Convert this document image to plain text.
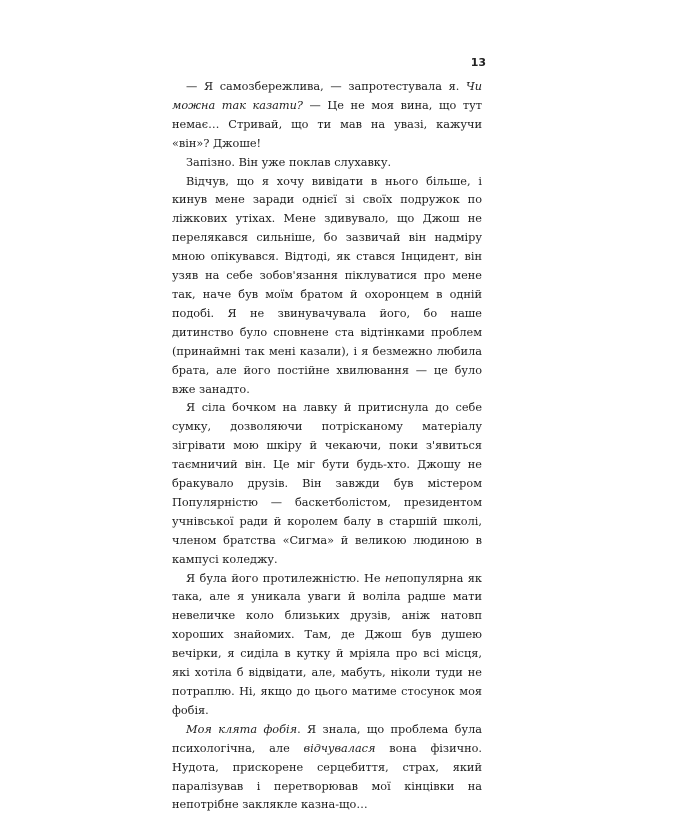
13

— Я самозбережлива, — запротестувала я. Чи можна так казати? — Це не моя вина, що тут немає… Стривай, що ти мав на увазі, кажучи «він»? Джоше!

Запізно. Він уже поклав слухавку.

Відчув, що я хочу вивідати в нього більше, і кинув мене заради однієї зі своїх подружок по ліжкових утіхах. Мене здивувало, що Джош не перелякався сильніше, бо зазвичай він надміру мною опікувався. Відтоді, як стався Інцидент, він узяв на себе зобов'язання піклуватися про мене так, наче був моїм братом й охоронцем в одній подобі. Я не звинувачувала його, бо наше дитинство було сповнене ста відтінками проблем (принаймні так мені казали), і я безмежно любила брата, але його постійне хвилювання — це було вже занадто.

Я сіла бочком на лавку й притиснула до себе сумку, дозволяючи потрісканому матеріалу зігрівати мою шкіру й чекаючи, поки з'явиться таємничий він. Це міг бути будь-хто. Джошу не бракувало друзів. Він завжди був містером Популярністю — баскетболістом, президентом учнівської ради й королем балу в старшій школі, членом братства «Сигма» й великою людиною в кампусі коледжу.

Я була його протилежністю. Не непопулярна як така, але я уникала уваги й воліла радше мати невеличке коло близьких друзів, аніж натовп хороших знайомих. Там, де Джош був душею вечірки, я сиділа в кутку й мріяла про всі місця, які хотіла б відвідати, але, мабуть, ніколи туди не потраплю. Ні, якщо до цього матиме стосунок моя фобія.

Моя клята фобія. Я знала, що проблема була психологічна, але відчувалася вона фізично. Нудота, прискорене серцебиття, страх, який паралізував і перетворював мої кінцівки на непотрібне заклякле казна-що…
